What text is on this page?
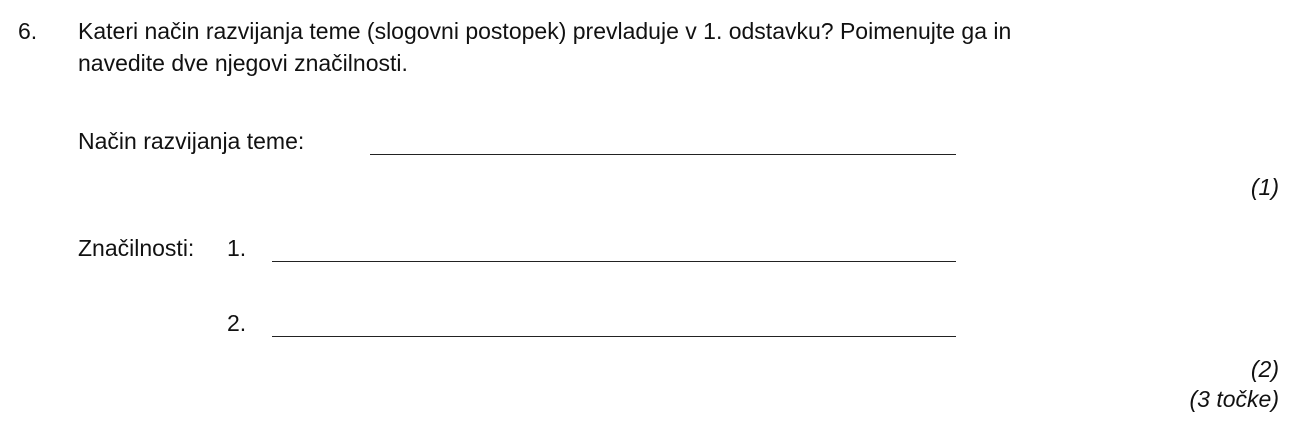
6. Kateri način razvijanja teme (slogovni postopek) prevladuje v 1. odstavku? Poimenujte ga in
navedite dve njegovi značilnosti.
Način razvijanja teme:
(1)
Značilnosti: 1.
2.
(2)
(3 točke)
